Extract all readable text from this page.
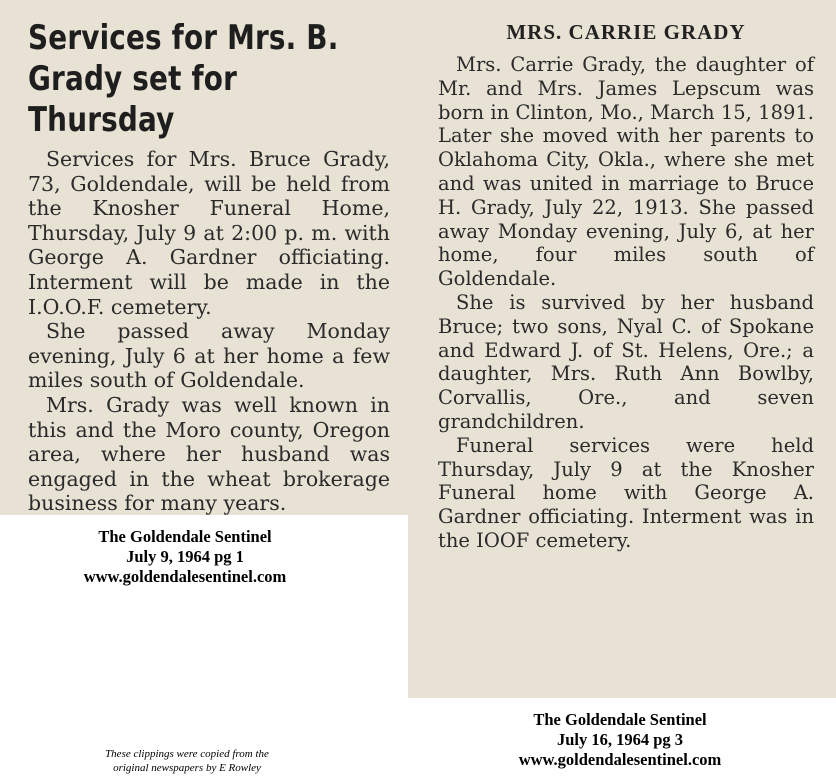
Services for Mrs. B.
Grady set for Thursday

Services for Mrs. Bruce Grady, 73, Goldendale, will be held from the Knosher Funeral Home, Thursday, July 9 at 2:00 p. m. with George A. Gardner officiating. Interment will be made in the I.O.O.F. cemetery.

She passed away Monday evening, July 6 at her home a few miles south of Goldendale.

Mrs. Grady was well known in this and the Moro county, Oregon area, where her husband was engaged in the wheat brokerage business for many years.

The Goldendale Sentinel
July 9, 1964 pg 1
www.goldendalesentinel.com
These clippings were copied from the
original newspapers by E Rowley
MRS. CARRIE GRADY

Mrs. Carrie Grady, the daughter of Mr. and Mrs. James Lepscum was born in Clinton, Mo., March 15, 1891. Later she moved with her parents to Oklahoma City, Okla., where she met and was united in marriage to Bruce H. Grady, July 22, 1913. She passed away Monday evening, July 6, at her home, four miles south of Goldendale.

She is survived by her husband Bruce; two sons, Nyal C. of Spokane and Edward J. of St. Helens, Ore.; a daughter, Mrs. Ruth Ann Bowlby, Corvallis, Ore., and seven grandchildren.

Funeral services were held Thursday, July 9 at the Knosher Funeral home with George A. Gardner officiating. Interment was in the IOOF cemetery.

The Goldendale Sentinel
July 16, 1964 pg 3
www.goldendalesentinel.com
